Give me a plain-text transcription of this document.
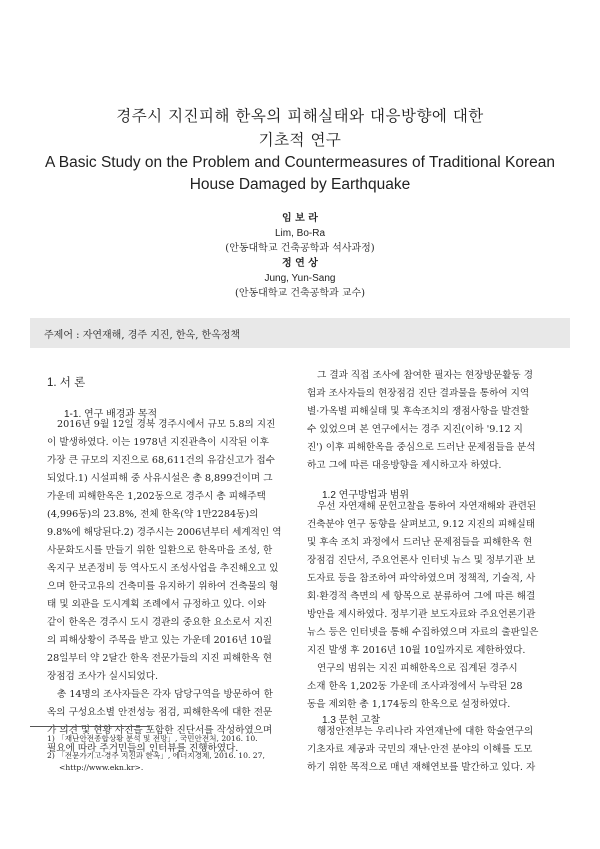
경주시 지진피해 한옥의 피해실태와 대응방향에 대한
기초적 연구
A Basic Study on the Problem and Countermeasures of Traditional Korean
House Damaged by Earthquake
임 보 라
Lim, Bo-Ra
(안동대학교 건축공학과 석사과정)
정 연 상
Jung, Yun-Sang
(안동대학교 건축공학과 교수)
주제어 : 자연재해, 경주 지진, 한옥, 한옥정책
1. 서 론
1-1. 연구 배경과 목적

2016년 9월 12일 경북 경주시에서 규모 5.8의 지진

이 발생하였다. 이는 1978년 지진관측이 시작된 이후

가장 큰 규모의 지진으로 68,611건의 유감신고가 접수

되었다.1) 시설피해 중 사유시설은 총 8,899건이며 그

가운데 피해한옥은 1,202동으로 경주시 총 피해주택

(4,996동)의 23.8%, 전체 한옥(약 1만2284동)의

9.8%에 해당된다.2) 경주시는 2006년부터 세계적인 역

사문화도시를 만들기 위한 일환으로 한옥마을 조성, 한

옥지구 보존정비 등 역사도시 조성사업을 추진해오고 있

으며 한국고유의 건축미를 유지하기 위하여 건축물의 형

태 및 외관을 도시계획 조례에서 규정하고 있다. 이와

같이 한옥은 경주시 도시 경관의 중요한 요소로서 지진

의 피해상황이 주목을 받고 있는 가운데 2016년 10월

28일부터 약 2달간 한옥 전문가들의 지진 피해한옥 현

장점검 조사가 실시되었다.

총 14명의 조사자들은 각자 담당구역을 방문하여 한

옥의 구성요소별 안전성능 점검, 피해한옥에 대한 전문

가 의견 및 현황 사진을 포함한 진단서를 작성하였으며

필요에 따라 주거민들의 인터뷰를 진행하였다.

그 결과 직접 조사에 참여한 필자는 현장방문활동 경

험과 조사자들의 현장점검 진단 결과물을 통하여 지역

별·가옥별 피해실태 및 후속조치의 쟁점사항을 발견할

수 있었으며 본 연구에서는 경주 지진(이하 '9.12 지

진') 이후 피해한옥을 중심으로 드러난 문제점들을 분석

하고 그에 따른 대응방향을 제시하고자 하였다.

1.2 연구방법과 범위

우선 자연재해 문헌고찰을 통하여 자연재해와 관련된

건축분야 연구 동향을 살펴보고, 9.12 지진의 피해실태

및 후속 조치 과정에서 드러난 문제점들을 피해한옥 현

장점검 진단서, 주요언론사 인터넷 뉴스 및 정부기관 보

도자료 등을 참조하여 파악하였으며 정책적, 기술적, 사

회·환경적 측면의 세 항목으로 분류하여 그에 따른 해결

방안을 제시하였다. 정부기관 보도자료와 주요언론기관

뉴스 등은 인터넷을 통해 수집하였으며 자료의 출판일은

지진 발생 후 2016년 10월 10일까지로 제한하였다.

연구의 범위는 지진 피해한옥으로 집계된 경주시

소재 한옥 1,202동 가운데 조사과정에서 누락된 28

동을 제외한 총 1,174동의 한옥으로 설정하였다.

1.3 문헌 고찰

행정안전부는 우리나라 자연재난에 대한 학술연구의

기초자료 제공과 국민의 재난·안전 분야의 이해를 도모

하기 위한 목적으로 매년 재해연보를 발간하고 있다. 자

1) 「재난안전종합상황 분석 및 전망」, 국민안전처, 2016. 10.
2) 「전문가기고-경주 지진과 한옥」, 에너지경제, 2016. 10. 27,
<http://www.ekn.kr>.
